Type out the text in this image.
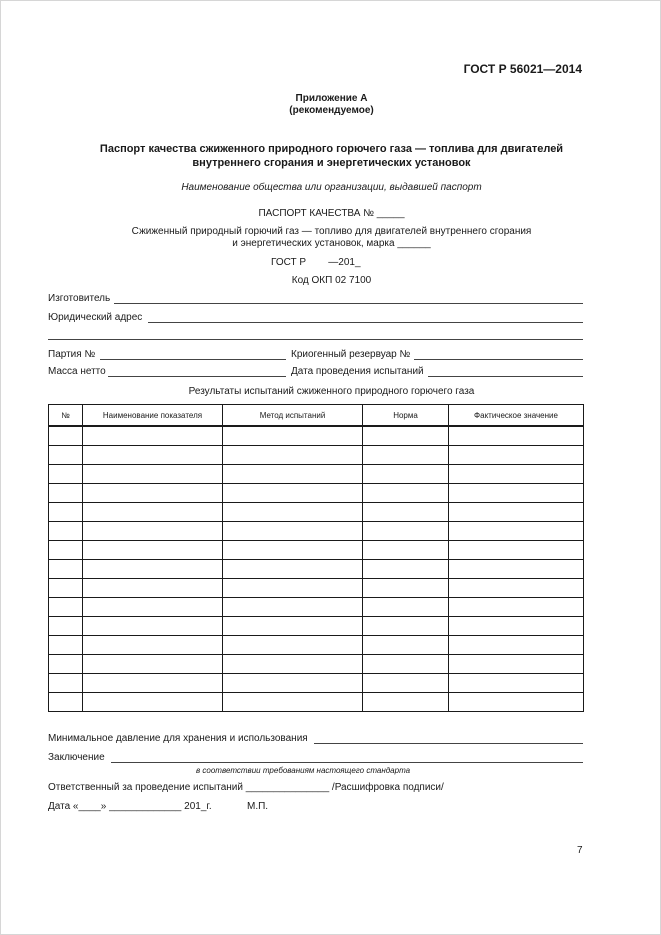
ГОСТ Р 56021—2014
Приложение А
(рекомендуемое)
Паспорт качества сжиженного природного горючего газа — топлива для двигателей
внутреннего сгорания и энергетических установок
Наименование общества или организации, выдавшей паспорт
ПАСПОРТ КАЧЕСТВА № _____
Сжиженный природный горючий газ — топливо для двигателей внутреннего сгорания
и энергетических установок, марка ______
ГОСТ Р        —201_
Код ОКП 02 7100
Изготовитель
Юридический адрес
Партия №	Криогенный резервуар №
Масса нетто	Дата проведения испытаний
Результаты испытаний сжиженного природного горючего газа
№	Наименование показателя	Метод испытаний	Норма	Фактическое значение

Минимальное давление для хранения и использования
Заключение
в соответствии требованиям настоящего стандарта
Ответственный за проведение испытаний _______________ /Расшифровка подписи/
Дата «____» _____________ 201_г.	М.П.
7
